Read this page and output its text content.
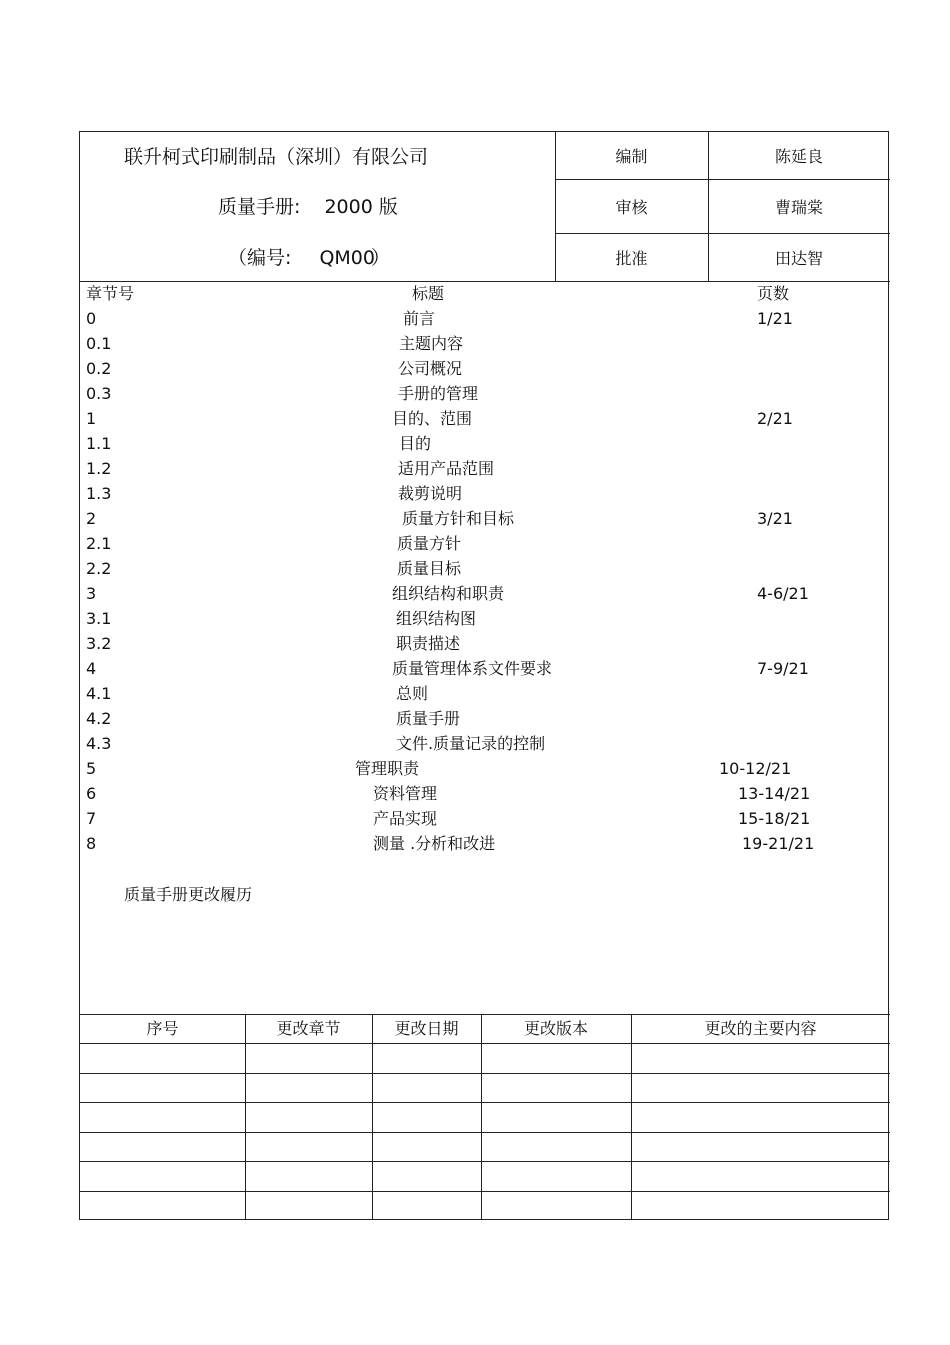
联升柯式印刷制品（深圳）有限公司
质量手册: 2000 版
（编号: QM00）
编制	陈延良
审核	曹瑞棠
批准	田达智
章节号	标题	页数
0	前言	1/21
0.1	主题内容
0.2	公司概况
0.3	手册的管理
1	目的、范围	2/21
1.1	目的
1.2	适用产品范围
1.3	裁剪说明
2	质量方针和目标	3/21
2.1	质量方针
2.2	质量目标
3	组织结构和职责	4-6/21
3.1	组织结构图
3.2	职责描述
4	质量管理体系文件要求	7-9/21
4.1	总则
4.2	质量手册
4.3	文件.质量记录的控制
5	管理职责	10-12/21
6	资料管理	13-14/21
7	产品实现	15-18/21
8	测量 .分析和改进	19-21/21
质量手册更改履历
序号	更改章节	更改日期	更改版本	更改的主要内容
